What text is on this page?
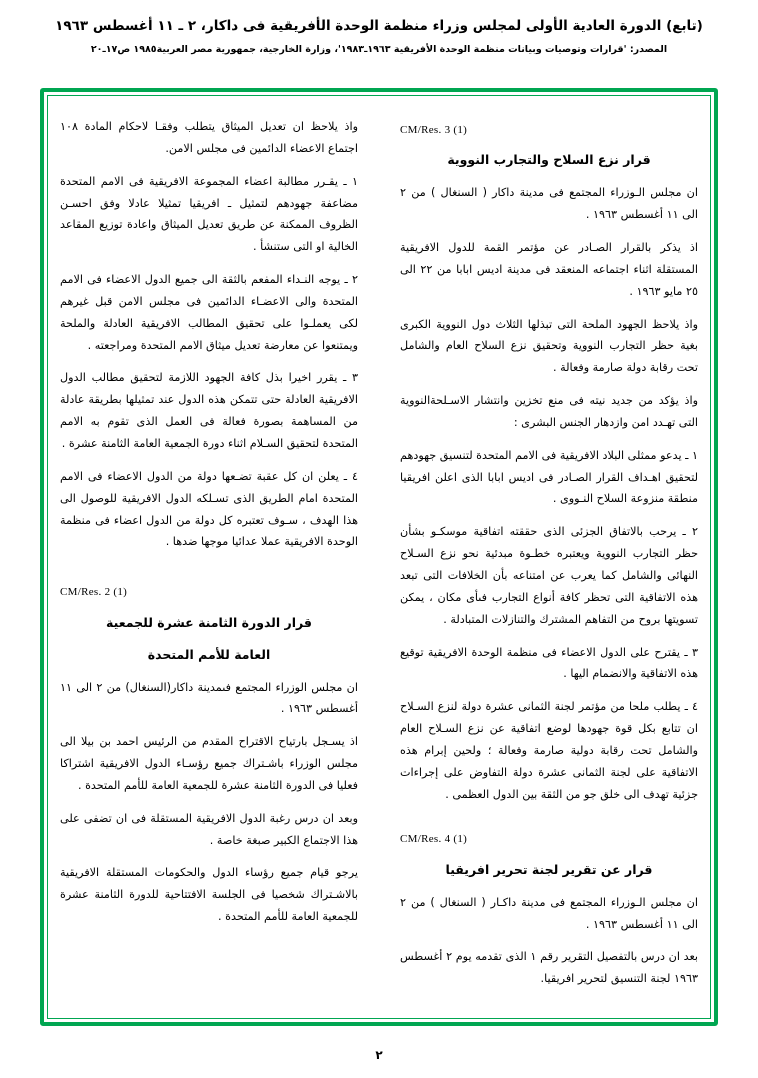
(تابع) الدورة العادية الأولى لمجلس وزراء منظمة الوحدة الأفريقية فى داكار، ٢ ـ ١١ أغسطس ١٩٦٣
المصدر: 'قرارات وتوصيات وبيانات منظمة الوحدة الأفريقية ١٩٦٣ـ١٩٨٣'، وزارة الخارجية، جمهورية مصر العربية١٩٨٥ ص١٧ـ٢٠
CM/Res. 3 (1)
قرار نزع السلاح والتجارب النووية

ان مجلس الـوزراء المجتمع فى مدينة داكار ( السنغال ) من ٢ الى ١١ أغسطس ١٩٦٣ .

اذ يذكر بالقرار الصـادر عن مؤتمر القمة للدول الافريقية المستقلة اثناء اجتماعه المنعقد فى مدينة اديس ابابا من ٢٢ الى ٢٥ مايو ١٩٦٣ .

واذ يلاحظ الجهود الملحة التى تبذلها الثلاث دول النووية الكبرى بغية حظر التجارب النووية وتحقيق نزع السلاح العام والشامل تحت رقابة دولة صارمة وفعالة .

واذ يؤكد من جديد نيته فى منع تخزين وانتشار الاسـلحةالنووية التى تهـدد امن وازدهار الجنس البشرى :

١ ـ يدعو ممثلى البلاد الافريقية فى الامم المتحدة لتنسيق جهودهم لتحقيق اهـداف القرار الصـادر فى اديس ابابا الذى اعلن افريقيا منطقة منزوعة السلاح النـووى .

٢ ـ يرحب بالاتفاق الجزئى الذى حققته اتفاقية موسكـو بشأن حظر التجارب النووية ويعتبره خطـوة مبدئية نحو نزع السـلاح النهائى والشامل كما يعرب عن امتناعه بأن الخلافات التى تبعد هذه الاتفاقية التى تحظر كافة أنواع التجارب فىأى مكان ، يمكن تسويتها بروح من التفاهم المشترك والتنازلات المتبادلة .

٣ ـ يقترح على الدول الاعضاء فى منظمة الوحدة الافريقية توقيع هذه الاتفاقية والانضمام اليها .

٤ ـ يطلب ملحا من مؤتمر لجنة الثمانى عشرة دولة لنزع السـلاح ان تتابع بكل قوة جهودها لوضع اتفاقية عن نزع السـلاح العام والشامل تحت رقابة دولية صارمة وفعالة ؛ ولحين إبرام هذه الاتفاقية على لجنة الثمانى عشرة دولة التفاوض على إجراءات جزئية تهدف الى خلق جو من الثقة بين الدول العظمى .

CM/Res. 4 (1)
قرار عن تقرير لجنة تحرير افريقيا

ان مجلس الـوزراء المجتمع فى مدينة داكـار ( السنغال ) من ٢ الى ١١ أغسطس ١٩٦٣ .

بعد ان درس بالتفصيل التقرير رقم ١ الذى تقدمه يوم ٢ أغسطس ١٩٦٣ لجنة التنسيق لتحرير افريقيا.

واذ يلاحظ ان تعديل الميثاق يتطلب وفقـا لاحكام المادة ١٠٨ اجتماع الاعضاء الدائمين فى مجلس الامن.

١ ـ يقـرر مطالبة اعضاء المجموعة الافريقية فى الامم المتحدة مضاعفة جهودهم لتمثيل ـ افريقيا تمثيلا عادلا وفق احسـن الظروف الممكنة عن طريق تعديل الميثاق واعادة توزيع المقاعد الخالية او التى ستنشأ .

٢ ـ يوجه النـداء المفعم بالثقة الى جميع الدول الاعضاء فى الامم المتحدة والى الاعضـاء الدائمين فى مجلس الامن قبل غيرهم لكى يعملـوا على تحقيق المطالب الافريقية العادلة والملحة ويمتنعوا عن معارضة تعديل ميثاق الامم المتحدة ومراجعته .

٣ ـ يقرر اخيرا بذل كافة الجهود اللازمة لتحقيق مطالب الدول الافريقية العادلة حتى تتمكن هذه الدول عند تمثيلها بطريقة عادلة من المساهمة بصورة فعالة فى العمل الذى تقوم به الامم المتحدة لتحقيق السـلام اثناء دورة الجمعية العامة الثامنة عشرة .

٤ ـ يعلن ان كل عقبة تضـعها دولة من الدول الاعضاء فى الامم المتحدة امام الطريق الذى تسـلكه الدول الافريقية للوصول الى هذا الهدف ، سـوف تعتبره كل دولة من الدول اعضاء فى منظمة الوحدة الافريقية عملا عدائيا موجها ضدها .

CM/Res. 2 (1)
قرار الدورة الثامنة عشرة للجمعية
العامة للأمم المتحدة

ان مجلس الوزراء المجتمع فىمدينة داكار(السنغال) من ٢ الى ١١ أغسطس ١٩٦٣ .

اذ يسـجل بارتياح الاقتراح المقدم من الرئيس احمد بن بيلا الى مجلس الوزراء باشـتراك جميع رؤسـاء الدول الافريقية اشتراكا فعليا فى الدورة الثامنة عشرة للجمعية العامة للأمم المتحدة .

وبعد ان درس رغبة الدول الافريقية المستقلة فى ان تضفى على هذا الاجتماع الكبير صبغة خاصة .

يرجو قيام جميع رؤساء الدول والحكومات المستقلة الافريقية بالاشـتراك شخصيا فى الجلسة الافتتاحية للدورة الثامنة عشرة للجمعية العامة للأمم المتحدة .

٢
